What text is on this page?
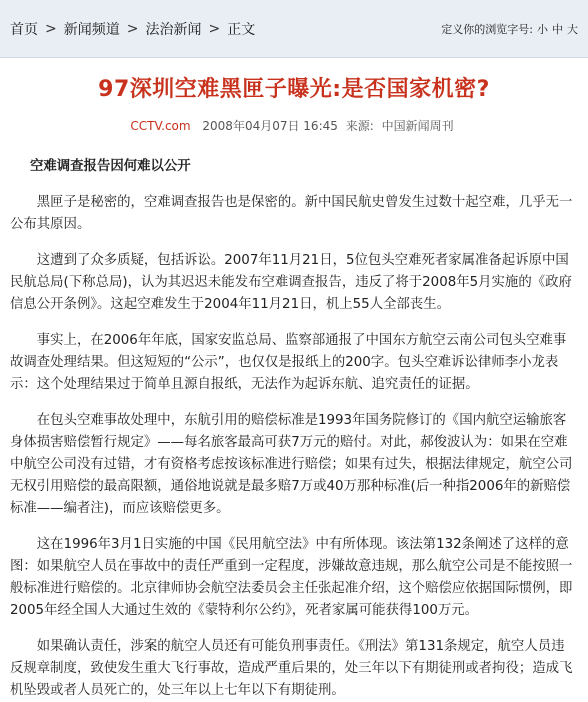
首页 > 新闻频道 > 法治新闻 > 正文	定义你的浏览字号: 小 中 大
97深圳空难黑匣子曝光:是否国家机密?
CCTV.com 2008年04月07日 16:45 来源: 中国新闻周刊
空难调查报告因何难以公开

黑匣子是秘密的，空难调查报告也是保密的。新中国民航史曾发生过数十起空难，几乎无一公布其原因。

这遭到了众多质疑，包括诉讼。2007年11月21日，5位包头空难死者家属准备起诉原中国民航总局(下称总局)，认为其迟迟未能发布空难调查报告，违反了将于2008年5月实施的《政府信息公开条例》。这起空难发生于2004年11月21日，机上55人全部丧生。

事实上，在2006年年底，国家安监总局、监察部通报了中国东方航空云南公司包头空难事故调查处理结果。但这短短的“公示”，也仅仅是报纸上的200字。包头空难诉讼律师李小龙表示：这个处理结果过于简单且源自报纸，无法作为起诉东航、追究责任的证据。

在包头空难事故处理中，东航引用的赔偿标准是1993年国务院修订的《国内航空运输旅客身体损害赔偿暂行规定》——每名旅客最高可获7万元的赔付。对此，郝俊波认为：如果在空难中航空公司没有过错，才有资格考虑按该标准进行赔偿；如果有过失，根据法律规定，航空公司无权引用赔偿的最高限额，通俗地说就是最多赔7万或40万那种标准(后一种指2006年的新赔偿标准——编者注)，而应该赔偿更多。

这在1996年3月1日实施的中国《民用航空法》中有所体现。该法第132条阐述了这样的意图：如果航空人员在事故中的责任严重到一定程度，涉嫌故意违规，那么航空公司是不能按照一般标准进行赔偿的。北京律师协会航空法委员会主任张起准介绍，这个赔偿应依据国际惯例，即2005年经全国人大通过生效的《蒙特利尔公约》，死者家属可能获得100万元。

如果确认责任，涉案的航空人员还有可能负刑事责任。《刑法》第131条规定，航空人员违反规章制度，致使发生重大飞行事故，造成严重后果的，处三年以下有期徒刑或者拘役；造成飞机坠毁或者人员死亡的，处三年以上七年以下有期徒刑。
